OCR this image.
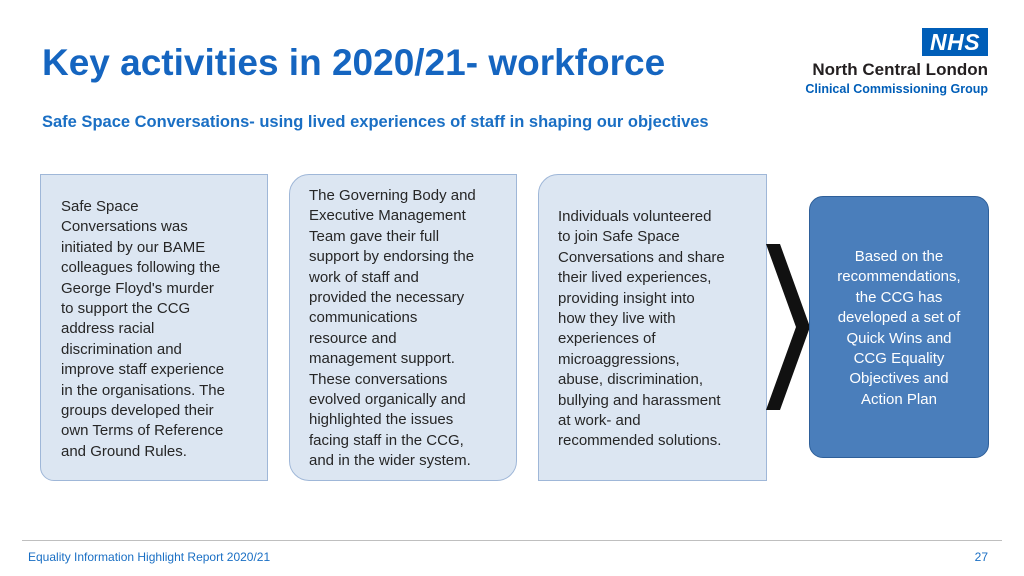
Key activities in 2020/21- workforce
Safe Space Conversations- using lived experiences of staff in shaping our objectives
NHS
North Central London
Clinical Commissioning Group
Safe Space
Conversations was
initiated by our BAME
colleagues following the
George Floyd's murder
to support the CCG
address racial
discrimination and
improve staff experience
in the organisations. The
groups developed their
own Terms of Reference
and Ground Rules.
The Governing Body and
Executive Management
Team gave their full
support by endorsing the
work of staff and
provided the necessary
communications
resource and
management support.
These conversations
evolved organically and
highlighted the issues
facing staff in the CCG,
and in the wider system.
Individuals volunteered
to join Safe Space
Conversations and share
their lived experiences,
providing insight into
how they live with
experiences of
microaggressions,
abuse, discrimination,
bullying and harassment
at work- and
recommended solutions.
Based on the
recommendations,
the CCG has
developed a set of
Quick Wins and
CCG Equality
Objectives and
Action Plan
Equality Information Highlight Report 2020/21	27
